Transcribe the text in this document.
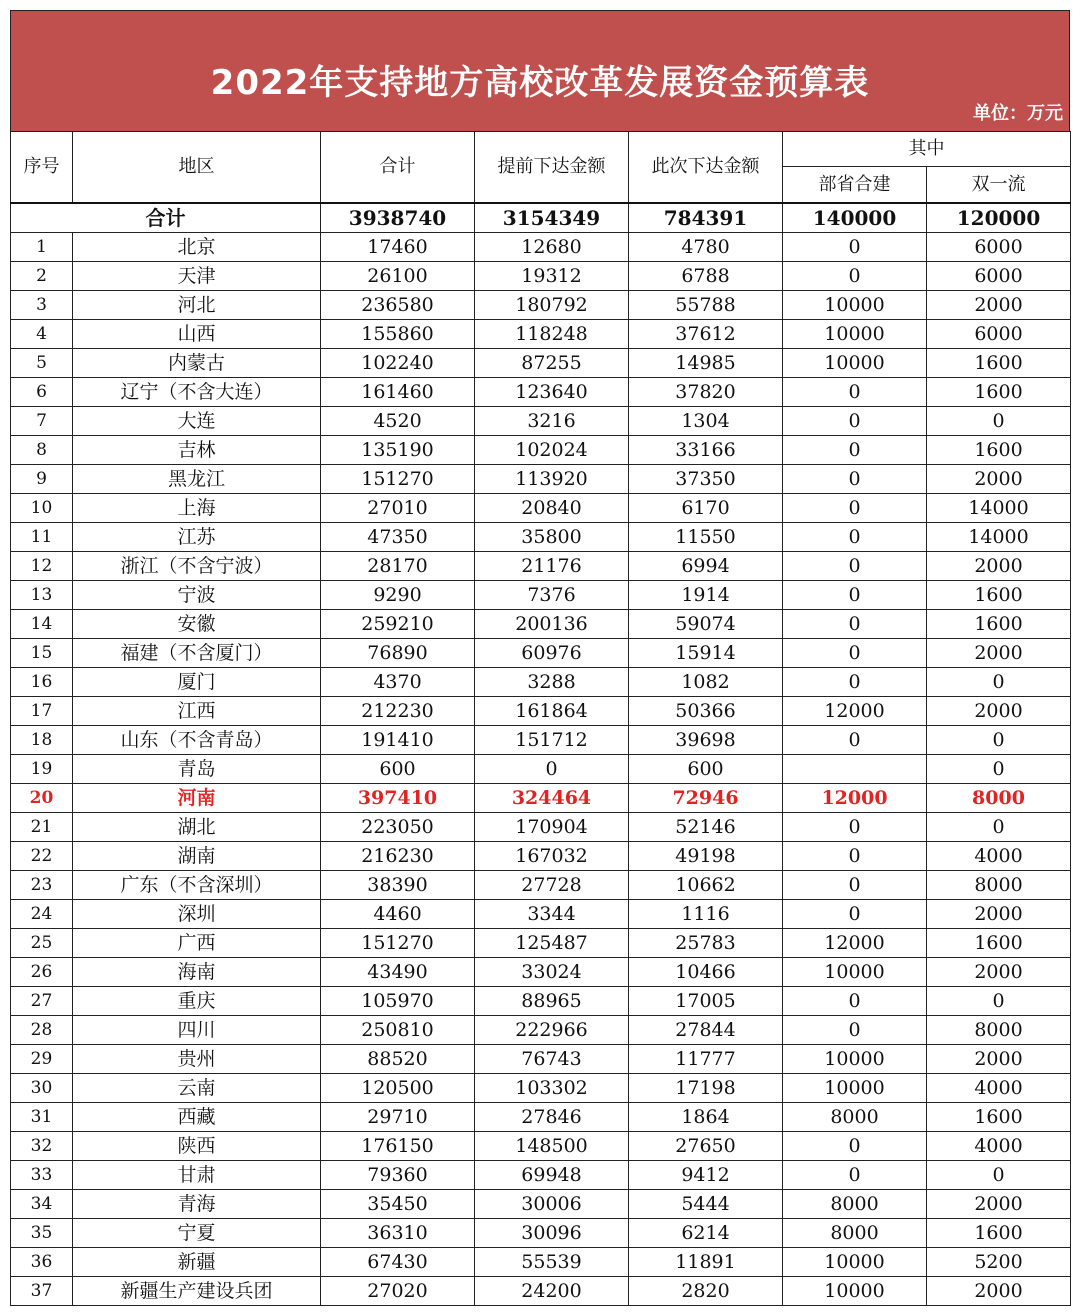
2022年支持地方高校改革发展资金预算表
单位：万元
序号	地区	合计	提前下达金额	此次下达金额	其中	
					部省合建	双一流
合计		3938740	3154349	784391	140000	120000
1	北京	17460	12680	4780	0	6000
2	天津	26100	19312	6788	0	6000
3	河北	236580	180792	55788	10000	2000
4	山西	155860	118248	37612	10000	6000
5	内蒙古	102240	87255	14985	10000	1600
6	辽宁（不含大连）	161460	123640	37820	0	1600
7	大连	4520	3216	1304	0	0
8	吉林	135190	102024	33166	0	1600
9	黑龙江	151270	113920	37350	0	2000
10	上海	27010	20840	6170	0	14000
11	江苏	47350	35800	11550	0	14000
12	浙江（不含宁波）	28170	21176	6994	0	2000
13	宁波	9290	7376	1914	0	1600
14	安徽	259210	200136	59074	0	1600
15	福建（不含厦门）	76890	60976	15914	0	2000
16	厦门	4370	3288	1082	0	0
17	江西	212230	161864	50366	12000	2000
18	山东（不含青岛）	191410	151712	39698	0	0
19	青岛	600	0	600		0
20	河南	397410	324464	72946	12000	8000
21	湖北	223050	170904	52146	0	0
22	湖南	216230	167032	49198	0	4000
23	广东（不含深圳）	38390	27728	10662	0	8000
24	深圳	4460	3344	1116	0	2000
25	广西	151270	125487	25783	12000	1600
26	海南	43490	33024	10466	10000	2000
27	重庆	105970	88965	17005	0	0
28	四川	250810	222966	27844	0	8000
29	贵州	88520	76743	11777	10000	2000
30	云南	120500	103302	17198	10000	4000
31	西藏	29710	27846	1864	8000	1600
32	陕西	176150	148500	27650	0	4000
33	甘肃	79360	69948	9412	0	0
34	青海	35450	30006	5444	8000	2000
35	宁夏	36310	30096	6214	8000	1600
36	新疆	67430	55539	11891	10000	5200
37	新疆生产建设兵团	27020	24200	2820	10000	2000
